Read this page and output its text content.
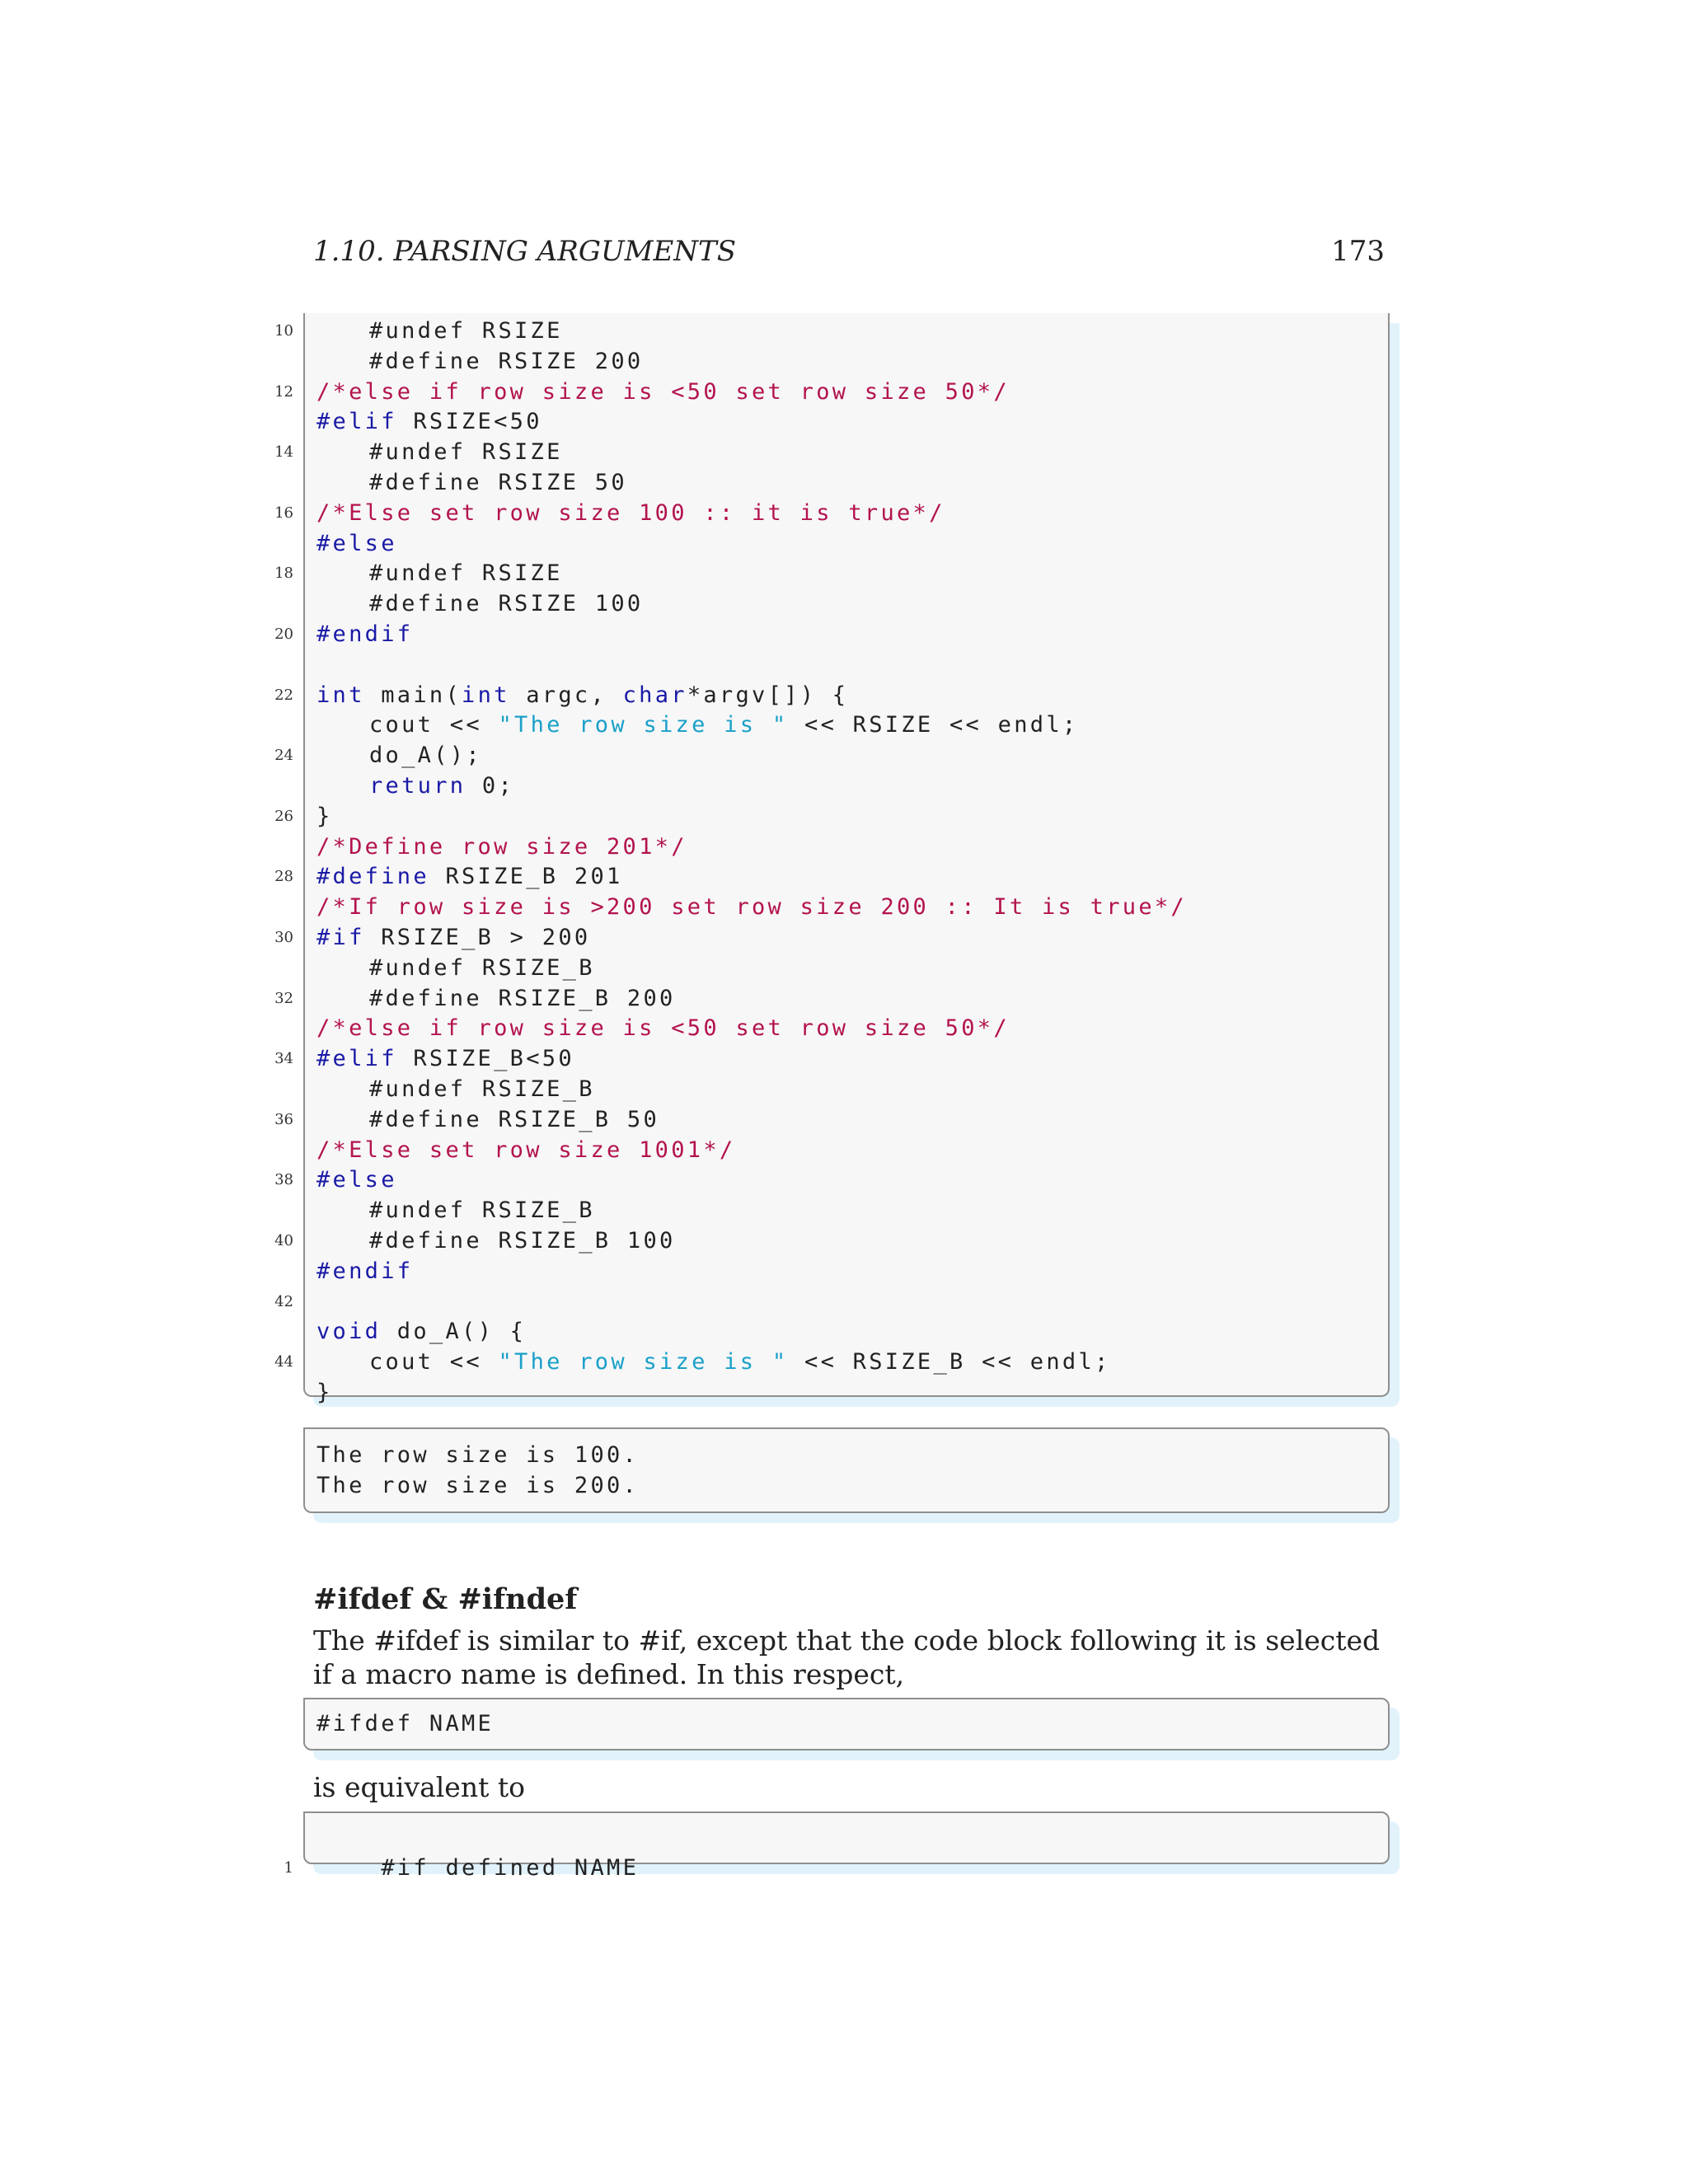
1.10. PARSING ARGUMENTS	173
10	#undef RSIZE
#define RSIZE 200
12 /*else if row size is <50 set row size 50*/
#elif RSIZE<50
14	#undef RSIZE
#define RSIZE 50
16 /*Else set row size 100 :: it is true*/
#else
18	#undef RSIZE
#define RSIZE 100
20 #endif
22 int main(int argc, char*argv[]) {
cout << "The row size is " << RSIZE << endl;
24	do_A();
return 0;
26 }
/*Define row size 201*/
28 #define RSIZE_B 201
/*If row size is >200 set row size 200 :: It is true*/
30 #if RSIZE_B > 200
#undef RSIZE_B
32	#define RSIZE_B 200
/*else if row size is <50 set row size 50*/
34 #elif RSIZE_B<50
#undef RSIZE_B
36	#define RSIZE_B 50
/*Else set row size 1001*/
38 #else
#undef RSIZE_B
40	#define RSIZE_B 100
#endif
42
void do_A() {
44	cout << "The row size is " << RSIZE_B << endl;
}
The row size is 100.
The row size is 200.
#ifdef & #ifndef
The #ifdef is similar to #if, except that the code block following it is selected if a macro name is defined. In this respect,
#ifdef NAME
is equivalent to

1	#if defined NAME
